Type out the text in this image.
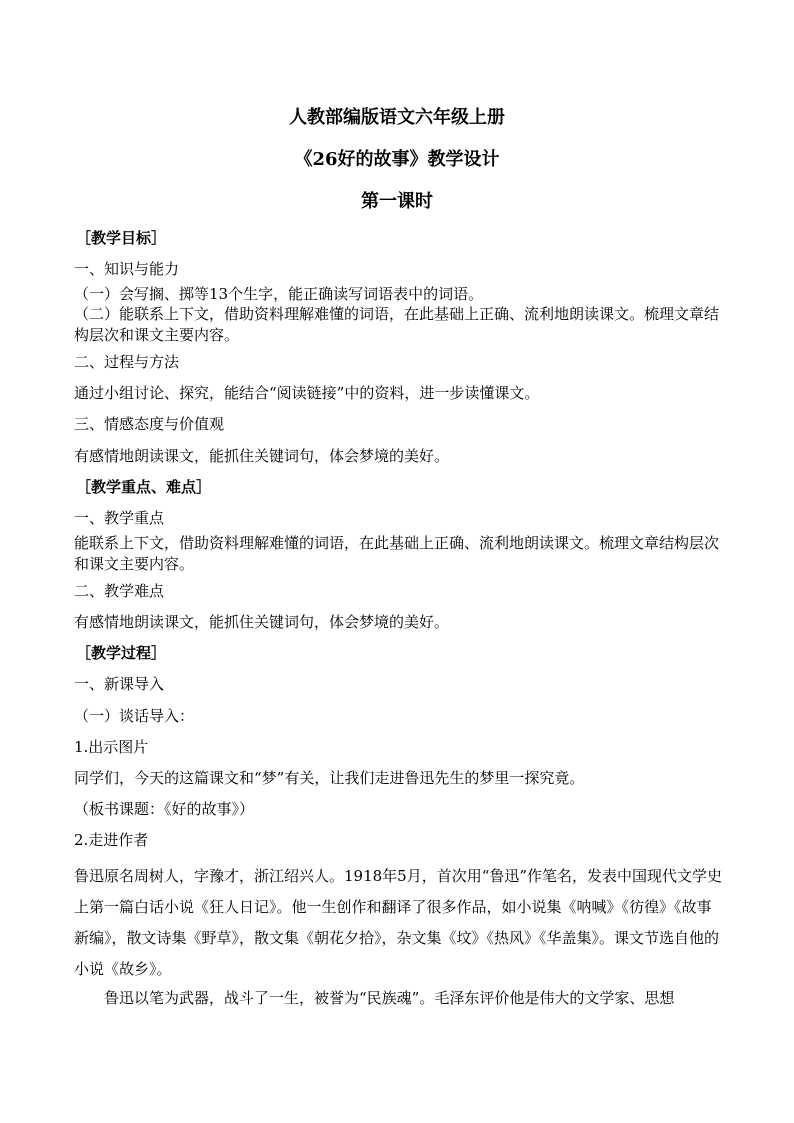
人教部编版语文六年级上册
《26好的故事》教学设计
第一课时
［教学目标］
一、知识与能力
（一）会写搁、掷等13个生字，能正确读写词语表中的词语。
（二）能联系上下文，借助资料理解难懂的词语，在此基础上正确、流利地朗读课文。梳理文章结构层次和课文主要内容。
二、过程与方法
通过小组讨论、探究，能结合“阅读链接”中的资料，进一步读懂课文。
三、情感态度与价值观
有感情地朗读课文，能抓住关键词句，体会梦境的美好。
［教学重点、难点］
一、教学重点
能联系上下文，借助资料理解难懂的词语，在此基础上正确、流利地朗读课文。梳理文章结构层次和课文主要内容。
二、教学难点
有感情地朗读课文，能抓住关键词句，体会梦境的美好。
［教学过程］
一、新课导入
（一）谈话导入：
1.出示图片
同学们，今天的这篇课文和“梦”有关，让我们走进鲁迅先生的梦里一探究竟。
（板书课题：《好的故事》）
2.走进作者
鲁迅原名周树人，字豫才，浙江绍兴人。1918年5月，首次用“鲁迅”作笔名，发表中国现代文学史上第一篇白话小说《狂人日记》。他一生创作和翻译了很多作品，如小说集《呐喊》《彷徨》《故事新编》，散文诗集《野草》，散文集《朝花夕拾》，杂文集《坟》《热风》《华盖集》。课文节选自他的小说《故乡》。
鲁迅以笔为武器，战斗了一生，被誉为“民族魂”。毛泽东评价他是伟大的文学家、思想
